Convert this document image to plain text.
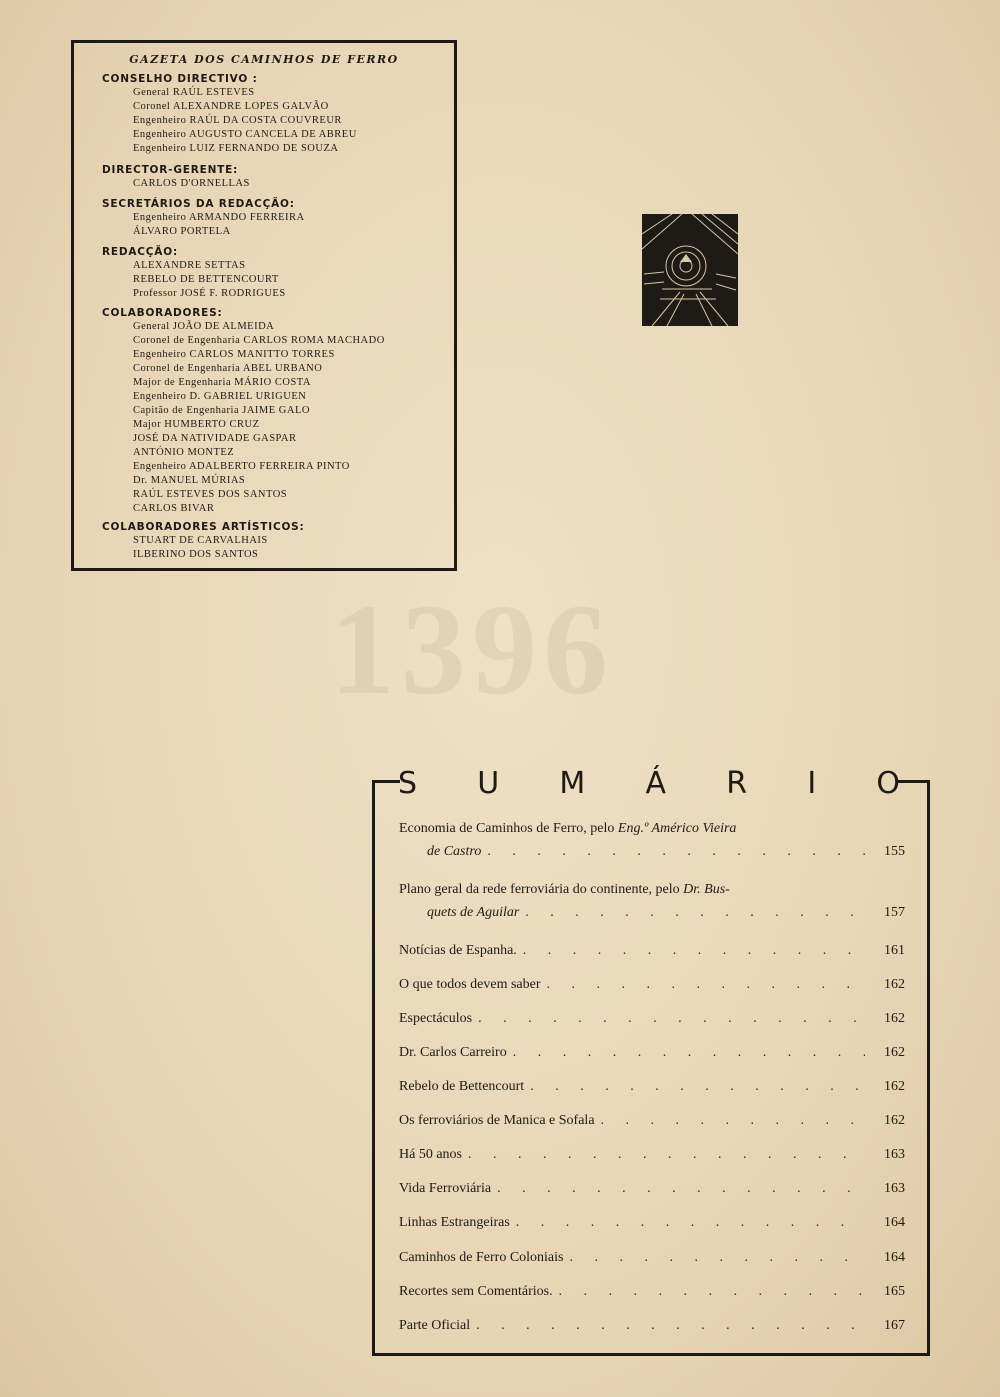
1396
GAZETA DOS CAMINHOS DE FERRO
CONSELHO DIRECTIVO :
General RAÚL ESTEVES
Coronel ALEXANDRE LOPES GALVÃO
Engenheiro RAÚL DA COSTA COUVREUR
Engenheiro AUGUSTO CANCELA DE ABREU
Engenheiro LUIZ FERNANDO DE SOUZA
DIRECTOR-GERENTE:
CARLOS D'ORNELLAS
SECRETÁRIOS DA REDACÇÃO:
Engenheiro ARMANDO FERREIRA
ÁLVARO PORTELA
REDACÇÃO:
ALEXANDRE SETTAS
REBELO DE BETTENCOURT
Professor JOSÉ F. RODRIGUES
COLABORADORES:
General JOÃO DE ALMEIDA
Coronel de Engenharia CARLOS ROMA MACHADO
Engenheiro CARLOS MANITTO TORRES
Coronel de Engenharia ABEL URBANO
Major de Engenharia MÁRIO COSTA
Engenheiro D. GABRIEL URIGUEN
Capitão de Engenharia JAIME GALO
Major HUMBERTO CRUZ
JOSÉ DA NATIVIDADE GASPAR
ANTÓNIO MONTEZ
Engenheiro ADALBERTO FERREIRA PINTO
Dr. MANUEL MÚRIAS
RAÚL ESTEVES DOS SANTOS
CARLOS BIVAR
COLABORADORES ARTÍSTICOS:
STUART DE CARVALHAIS
ILBERINO DOS SANTOS
S U M Á R I O
Economia de Caminhos de Ferro, pelo Eng.º Américo Vieira
de Castro . . .	155
Plano geral da rede ferroviária do continente, pelo Dr. Bus-
quets de Aguilar . . .	157
Notícias de Espanha. . . .	161
O que todos devem saber . . .	162
Espectáculos . . .	162
Dr. Carlos Carreiro . . .	162
Rebelo de Bettencourt . . .	162
Os ferroviários de Manica e Sofala . . .	162
Há 50 anos . . .	163
Vida Ferroviária . . .	163
Linhas Estrangeiras . . .	164
Caminhos de Ferro Coloniais . . .	164
Recortes sem Comentários. . . .	165
Parte Oficial . . .	167
